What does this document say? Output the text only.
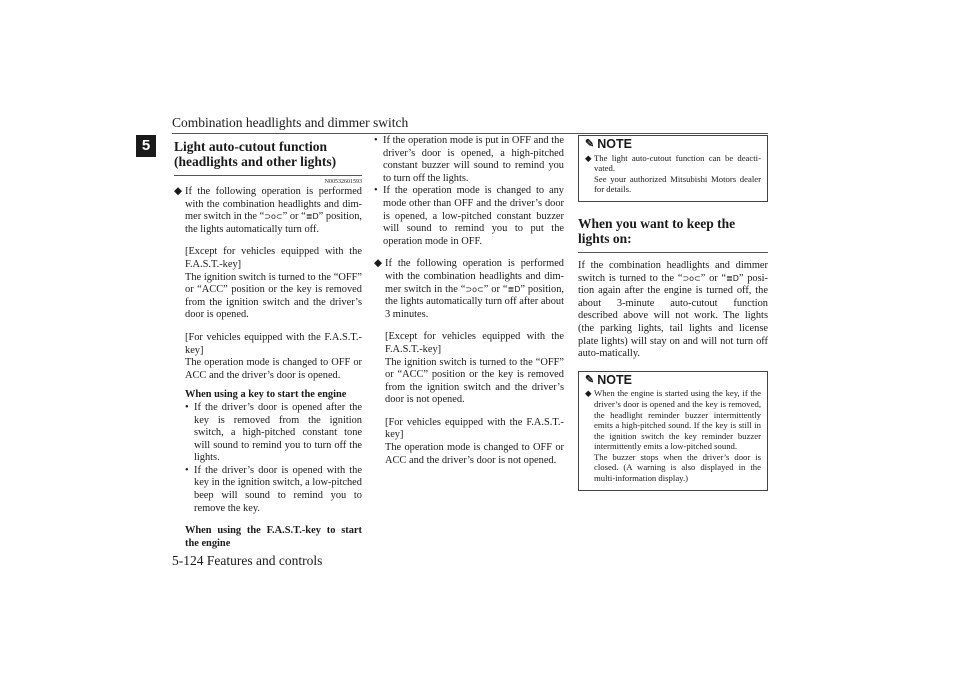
Combination headlights and dimmer switch
5	Light auto-cutout function (headlights and other lights)
N00532601593
◆ If the following operation is performed with the combination headlights and dim-mer switch in the “⊃o⊂” or “≣D” position, the lights automatically turn off.

[Except for vehicles equipped with the F.A.S.T.-key]

The ignition switch is turned to the “OFF” or “ACC” position or the key is removed from the ignition switch and the driver’s door is opened.

[For vehicles equipped with the F.A.S.T.-key]

The operation mode is changed to OFF or ACC and the driver’s door is opened.

When using a key to start the engine

• If the driver’s door is opened after the key is removed from the ignition switch, a high-pitched constant tone will sound to remind you to turn off the lights.
• If the driver’s door is opened with the key in the ignition switch, a low-pitched beep will sound to remind you to remove the key.

When using the F.A.S.T.-key to start the engine

• If the operation mode is put in OFF and the driver’s door is opened, a high-pitched constant buzzer will sound to remind you to turn off the lights.
• If the operation mode is changed to any mode other than OFF and the driver’s door is opened, a low-pitched constant buzzer will sound to remind you to put the operation mode in OFF.
◆ If the following operation is performed with the combination headlights and dim-mer switch in the “⊃o⊂” or “≣D” position, the lights automatically turn off after about 3 minutes.

[Except for vehicles equipped with the F.A.S.T.-key]

The ignition switch is turned to the “OFF” or “ACC” position or the key is removed from the ignition switch and the driver’s door is not opened.

[For vehicles equipped with the F.A.S.T.-key]

The operation mode is changed to OFF or ACC and the driver’s door is not opened.

✎ NOTE
◆ The light auto-cutout function can be deacti-vated.

See your authorized Mitsubishi Motors dealer for details.

When you want to keep the lights on:

If the combination headlights and dimmer switch is turned to the “⊃o⊂” or “≣D” posi-tion again after the engine is turned off, the about 3-minute auto-cutout function described above will not work. The lights (the parking lights, tail lights and license plate lights) will stay on and will not turn off auto-matically.

✎ NOTE
◆ When the engine is started using the key, if the driver’s door is opened and the key is removed, the headlight reminder buzzer intermittently emits a high-pitched sound. If the key is still in the ignition switch the key reminder buzzer intermittently emits a low-pitched sound.

The buzzer stops when the driver’s door is closed. (A warning is also displayed in the multi-information display.)

5-124 Features and controls
